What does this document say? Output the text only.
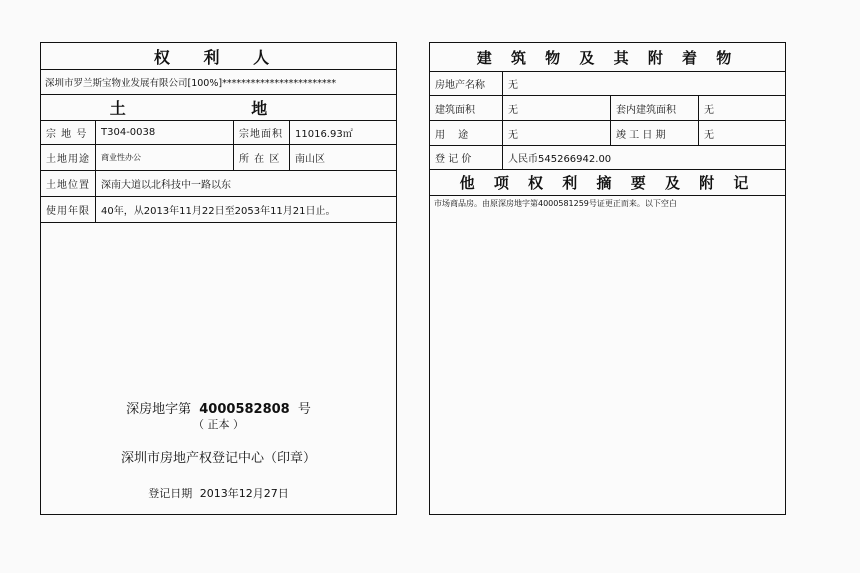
权 利 人
深圳市罗兰斯宝物业发展有限公司[100%]************************
土 地
宗 地 号	T304-0038	宗地面积	11016.93㎡
土地用途	商业性办公	所 在 区	南山区
土地位置	深南大道以北科技中一路以东
使用年限	40年，从2013年11月22日至2053年11月21日止。
深房地字第 4000582808 号
（ 正本 ）
深圳市房地产权登记中心（印章）
登记日期 2013年12月27日
建 筑 物 及 其 附 着 物
房地产名称	无
建筑面积	无	套内建筑面积	无
用　 途	无	竣 工 日 期	无
登 记 价	人民币545266942.00
他 项 权 利 摘 要 及 附 记
市场商品房。由原深房地字第4000581259号证更正而来。以下空白
